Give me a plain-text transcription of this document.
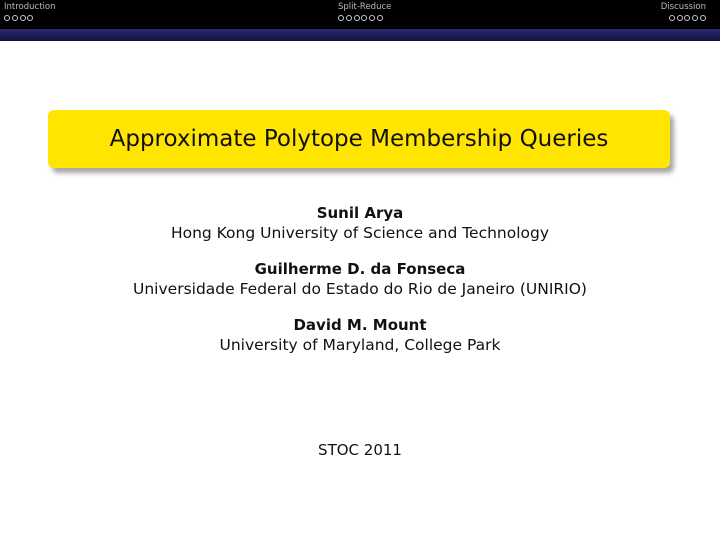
Introduction	Split-Reduce	Discussion
Approximate Polytope Membership Queries
Sunil Arya
Hong Kong University of Science and Technology
Guilherme D. da Fonseca
Universidade Federal do Estado do Rio de Janeiro (UNIRIO)
David M. Mount
University of Maryland, College Park
STOC 2011
